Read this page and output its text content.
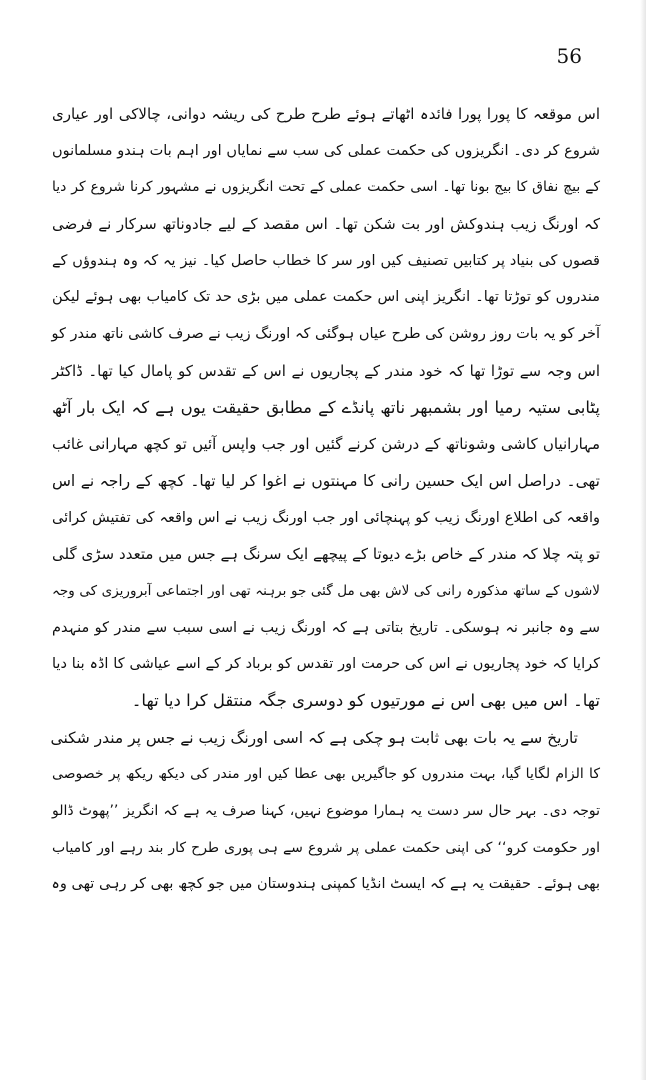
56
اس موقعہ کا پورا پورا فائدہ اٹھاتے ہوئے طرح طرح کی ریشہ دوانی، چالاکی اور عیاری
شروع کر دی۔ انگریزوں کی حکمت عملی کی سب سے نمایاں اور اہم بات ہندو مسلمانوں
کے بیچ نفاق کا بیج بونا تھا۔ اسی حکمت عملی کے تحت انگریزوں نے مشہور کرنا شروع کر دیا
کہ اورنگ زیب ہندوکش اور بت شکن تھا۔ اس مقصد کے لیے جادوناتھ سرکار نے فرضی
قصوں کی بنیاد پر کتابیں تصنیف کیں اور سر کا خطاب حاصل کیا۔ نیز یہ کہ وہ ہندوؤں کے
مندروں کو توڑتا تھا۔ انگریز اپنی اس حکمت عملی میں بڑی حد تک کامیاب بھی ہوئے لیکن
آخر کو یہ بات روز روشن کی طرح عیاں ہوگئی کہ اورنگ زیب نے صرف کاشی ناتھ مندر کو
اس وجہ سے توڑا تھا کہ خود مندر کے پجاریوں نے اس کے تقدس کو پامال کیا تھا۔ ڈاکٹر
پٹابی ستیہ رمیا اور بشمبھر ناتھ پانڈے کے مطابق حقیقت یوں ہے کہ ایک بار آٹھ
مہارانیاں کاشی وشوناتھ کے درشن کرنے گئیں اور جب واپس آئیں تو کچھ مہارانی غائب
تھی۔ دراصل اس ایک حسین رانی کا مہنتوں نے اغوا کر لیا تھا۔ کچھ کے راجہ نے اس
واقعہ کی اطلاع اورنگ زیب کو پہنچائی اور جب اورنگ زیب نے اس واقعہ کی تفتیش کرائی
تو پتہ چلا کہ مندر کے خاص بڑے دیوتا کے پیچھے ایک سرنگ ہے جس میں متعدد سڑی گلی
لاشوں کے ساتھ مذکورہ رانی کی لاش بھی مل گئی جو برہنہ تھی اور اجتماعی آبروریزی کی وجہ
سے وہ جانبر نہ ہوسکی۔ تاریخ بتاتی ہے کہ اورنگ زیب نے اسی سبب سے مندر کو منہدم
کرایا کہ خود پجاریوں نے اس کی حرمت اور تقدس کو برباد کر کے اسے عیاشی کا اڈہ بنا دیا
تھا۔ اس میں بھی اس نے مورتیوں کو دوسری جگہ منتقل کرا دیا تھا۔
تاریخ سے یہ بات بھی ثابت ہو چکی ہے کہ اسی اورنگ زیب نے جس پر مندر شکنی
کا الزام لگایا گیا، بہت مندروں کو جاگیریں بھی عطا کیں اور مندر کی دیکھ ریکھ پر خصوصی
توجہ دی۔ بہر حال سر دست یہ ہمارا موضوع نہیں، کہنا صرف یہ ہے کہ انگریز ’’پھوٹ ڈالو
اور حکومت کرو‘‘ کی اپنی حکمت عملی پر شروع سے ہی پوری طرح کار بند رہے اور کامیاب
بھی ہوئے۔ حقیقت یہ ہے کہ ایسٹ انڈیا کمپنی ہندوستان میں جو کچھ بھی کر رہی تھی وہ
